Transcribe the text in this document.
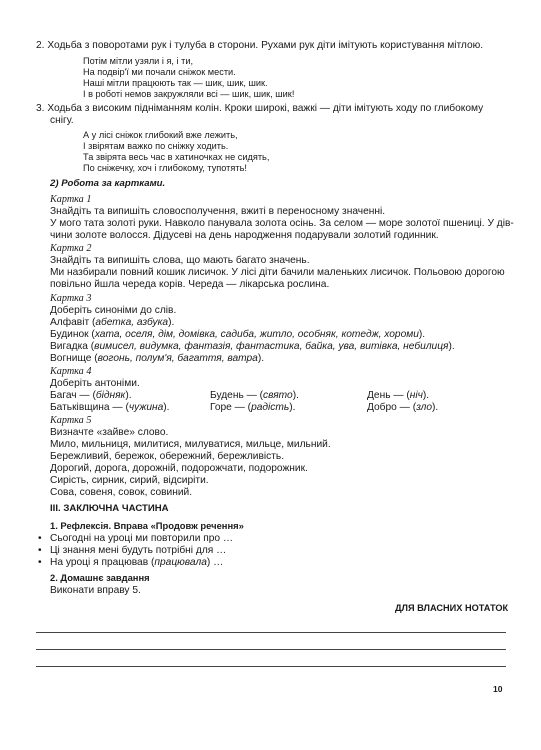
2. Ходьба з поворотами рук і тулуба в сторони. Рухами рук діти імітують користування мітлою.
Потім мітли узяли і я, і ти,
На подвір'ї ми почали сніжок мести.
Наші мітли працюють так — шик, шик, шик.
І в роботі немов закружляли всі — шик, шик, шик!
3. Ходьба з високим підніманням колін. Кроки широкі, важкі — діти імітують ходу по глибокому
снігу.
А у лісі сніжок глибокий вже лежить,
І звірятам важко по сніжку ходить.
Та звірята весь час в хатиночках не сидять,
По сніжечку, хоч і глибокому, тупотять!
2) Робота за картками.
Картка 1
Знайдіть та випишіть словосполучення, вжиті в переносному значенні.
У мого тата золоті руки. Навколо панувала золота осінь. За селом — море золотої пшениці. У дів-
чини золоте волосся. Дідусеві на день народження подарували золотий годинник.
Картка 2
Знайдіть та випишіть слова, що мають багато значень.
Ми назбирали повний кошик лисичок. У лісі діти бачили маленьких лисичок. Польовою дорогою
повільно йшла череда корів. Череда — лікарська рослина.
Картка 3
Доберіть синоніми до слів.
Алфавіт (абетка, азбука).
Будинок (хата, оселя, дім, домівка, садиба, житло, особняк, котедж, хороми).
Вигадка (вимисел, видумка, фантазія, фантастика, байка, ува, витівка, небилиця).
Вогнище (вогонь, полум'я, багаття, ватра).
Картка 4
Доберіть антоніми.
Багач — (бідняк).	Будень — (свято).	День — (ніч).
Батьківщина — (чужина).	Горе — (радість).	Добро — (зло).
Картка 5
Визначте «зайве» слово.
Мило, мильниця, милитися, милуватися, мильце, мильний.
Бережливий, бережок, обережний, бережливість.
Дорогий, дорога, дорожній, подорожчати, подорожник.
Сирість, сирник, сирий, відсиріти.
Сова, совеня, совок, совиний.
III. ЗАКЛЮЧНА ЧАСТИНА
1. Рефлексія. Вправа «Продовж речення»
• Сьогодні на уроці ми повторили про …
• Ці знання мені будуть потрібні для …
• На уроці я працював (працювала) …
2. Домашнє завдання
Виконати вправу 5.
ДЛЯ ВЛАСНИХ НОТАТОК
10
